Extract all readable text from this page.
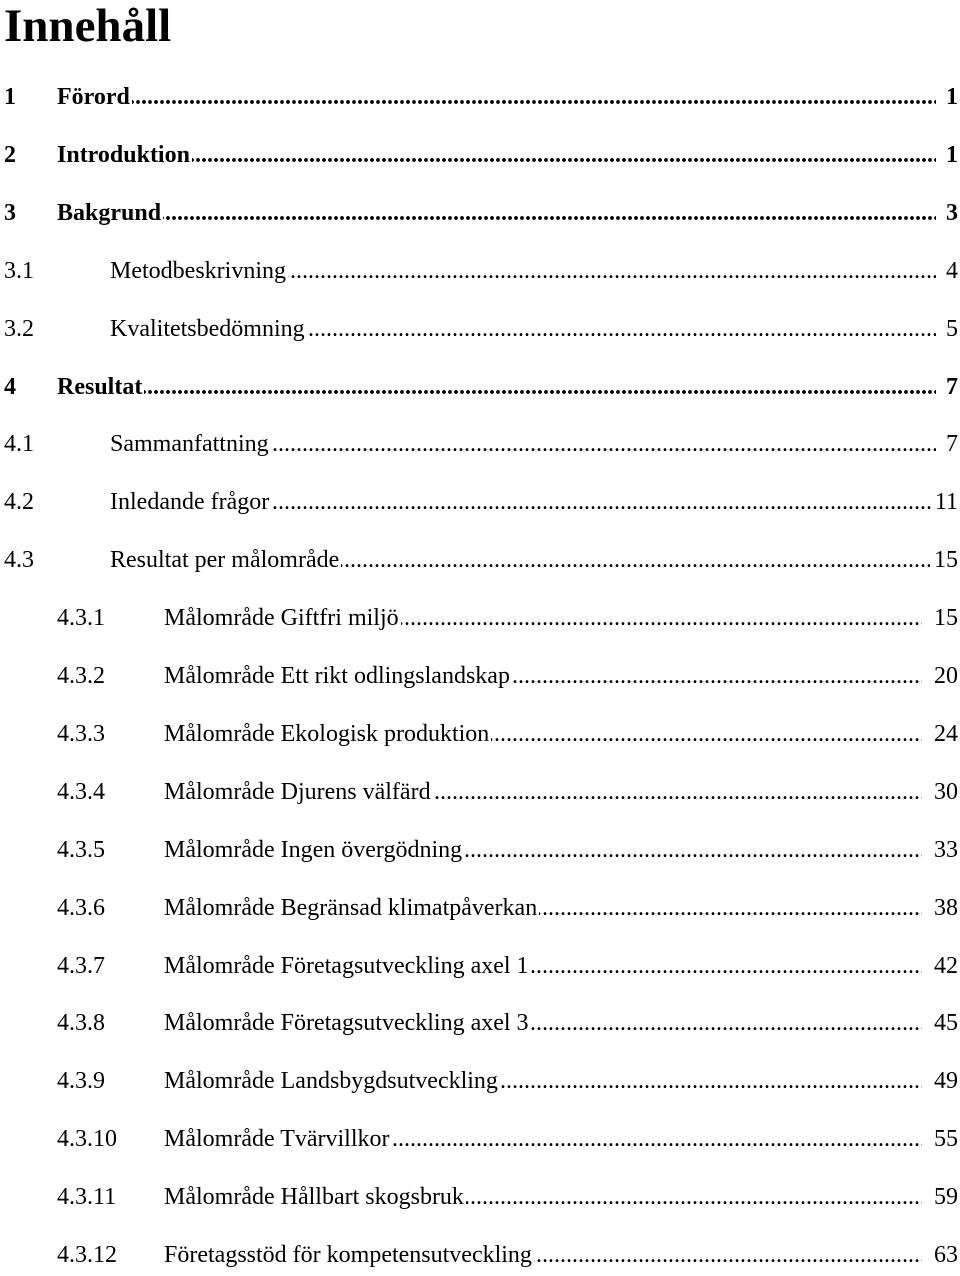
Innehåll
1 ..... Förord	1
2 ..... Introduktion	1
3 ..... Bakgrund	3
3.1 .....	Metodbeskrivning	4
3.2 .....	Kvalitetsbedömning	5
4 ..... Resultat	7
4.1 .....	Sammanfattning	7
4.2 .....	Inledande frågor	11
4.3 .....	Resultat per målområde	15
4.3.1 ..... Målområde Giftfri miljö	15
4.3.2 ..... Målområde Ett rikt odlingslandskap	20
4.3.3 ..... Målområde Ekologisk produktion	24
4.3.4 ..... Målområde Djurens välfärd	30
4.3.5 ..... Målområde Ingen övergödning	33
4.3.6 ..... Målområde Begränsad klimatpåverkan	38
4.3.7 ..... Målområde Företagsutveckling axel 1	42
4.3.8 ..... Målområde Företagsutveckling axel 3	45
4.3.9 ..... Målområde Landsbygdsutveckling	49
4.3.10 ..... Målområde Tvärvillkor	55
4.3.11 ..... Målområde Hållbart skogsbruk	59
4.3.12 ..... Företagsstöd för kompetensutveckling	63
